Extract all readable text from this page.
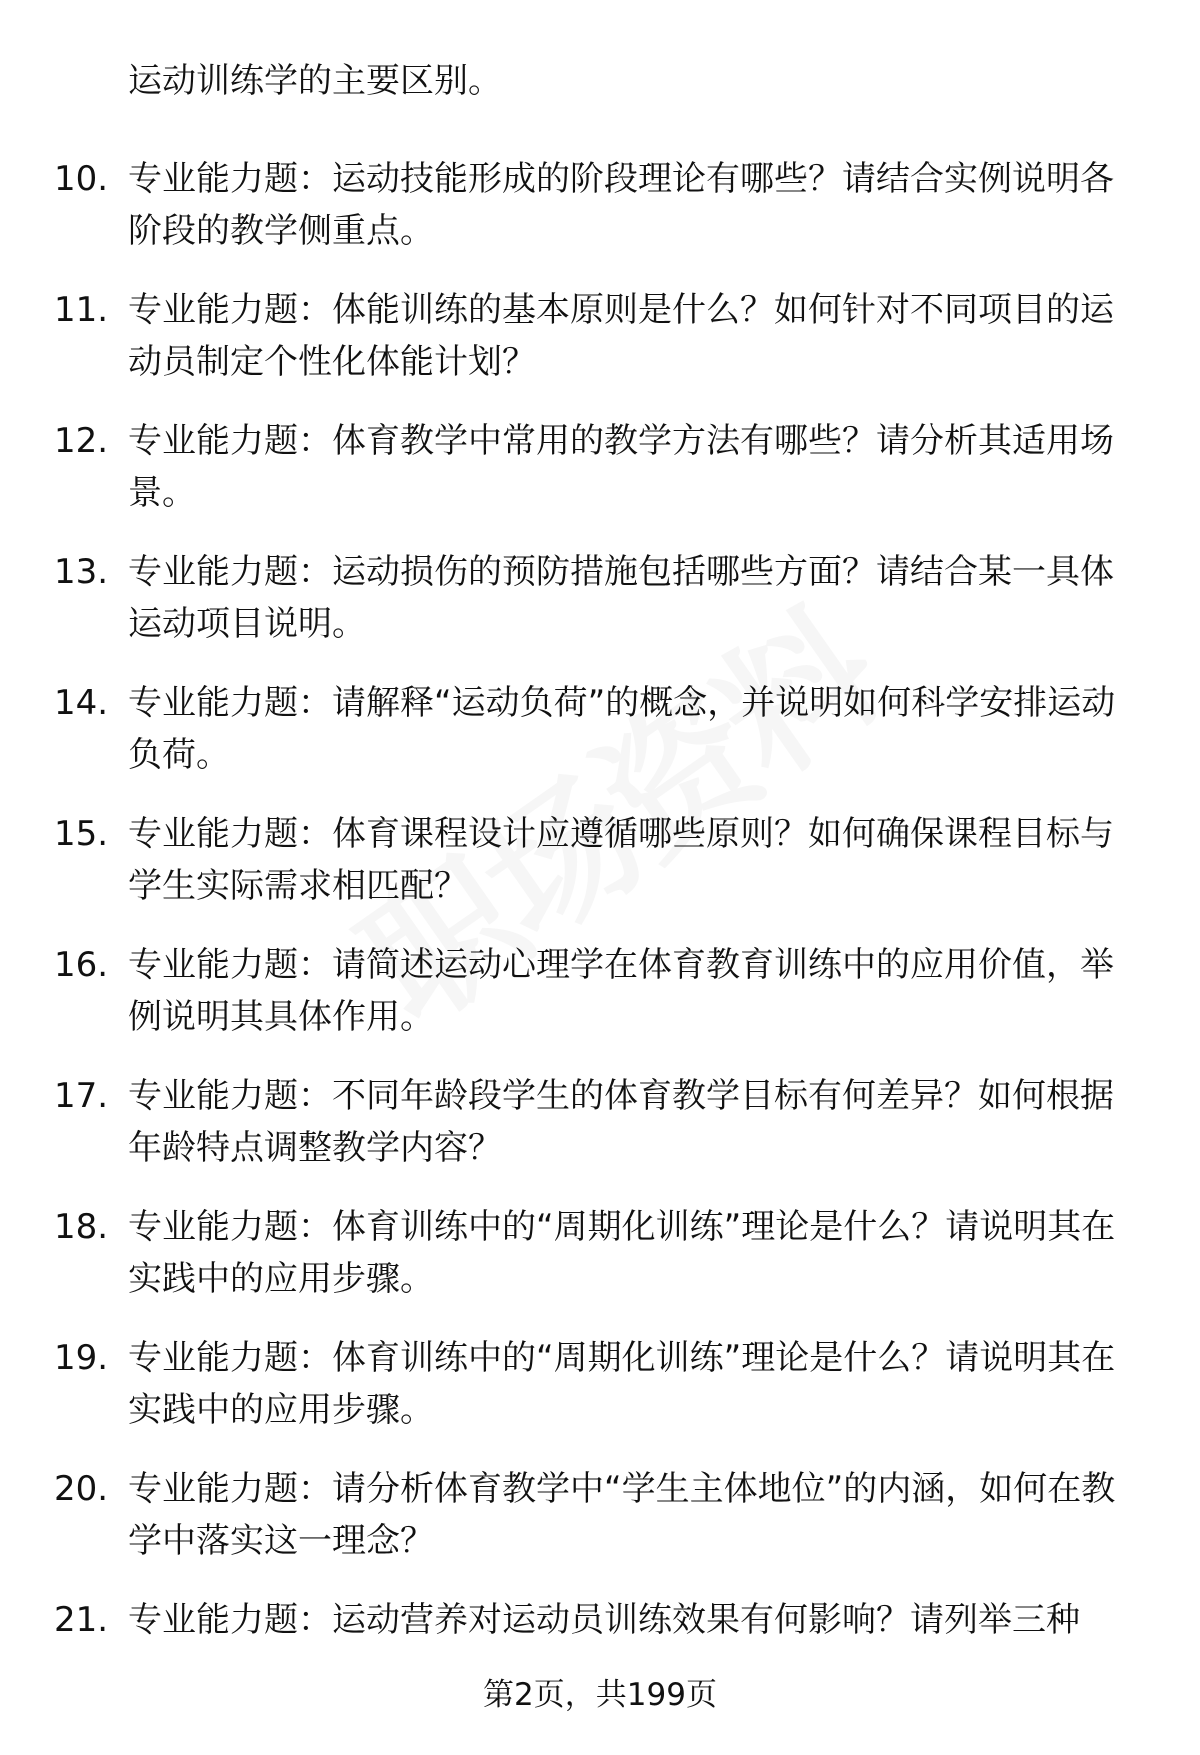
运动训练学的主要区别。
10. 专业能力题：运动技能形成的阶段理论有哪些？请结合实例说明各阶段的教学侧重点。
11. 专业能力题：体能训练的基本原则是什么？如何针对不同项目的运动员制定个性化体能计划？
12. 专业能力题：体育教学中常用的教学方法有哪些？请分析其适用场景。
13. 专业能力题：运动损伤的预防措施包括哪些方面？请结合某一具体运动项目说明。
14. 专业能力题：请解释“运动负荷”的概念，并说明如何科学安排运动负荷。
15. 专业能力题：体育课程设计应遵循哪些原则？如何确保课程目标与学生实际需求相匹配？
16. 专业能力题：请简述运动心理学在体育教育训练中的应用价值，举例说明其具体作用。
17. 专业能力题：不同年龄段学生的体育教学目标有何差异？如何根据年龄特点调整教学内容？
18. 专业能力题：体育训练中的“周期化训练”理论是什么？请说明其在实践中的应用步骤。
19. 专业能力题：体育训练中的“周期化训练”理论是什么？请说明其在实践中的应用步骤。
20. 专业能力题：请分析体育教学中“学生主体地位”的内涵，如何在教学中落实这一理念？
21. 专业能力题：运动营养对运动员训练效果有何影响？请列举三种
第2页，共199页
